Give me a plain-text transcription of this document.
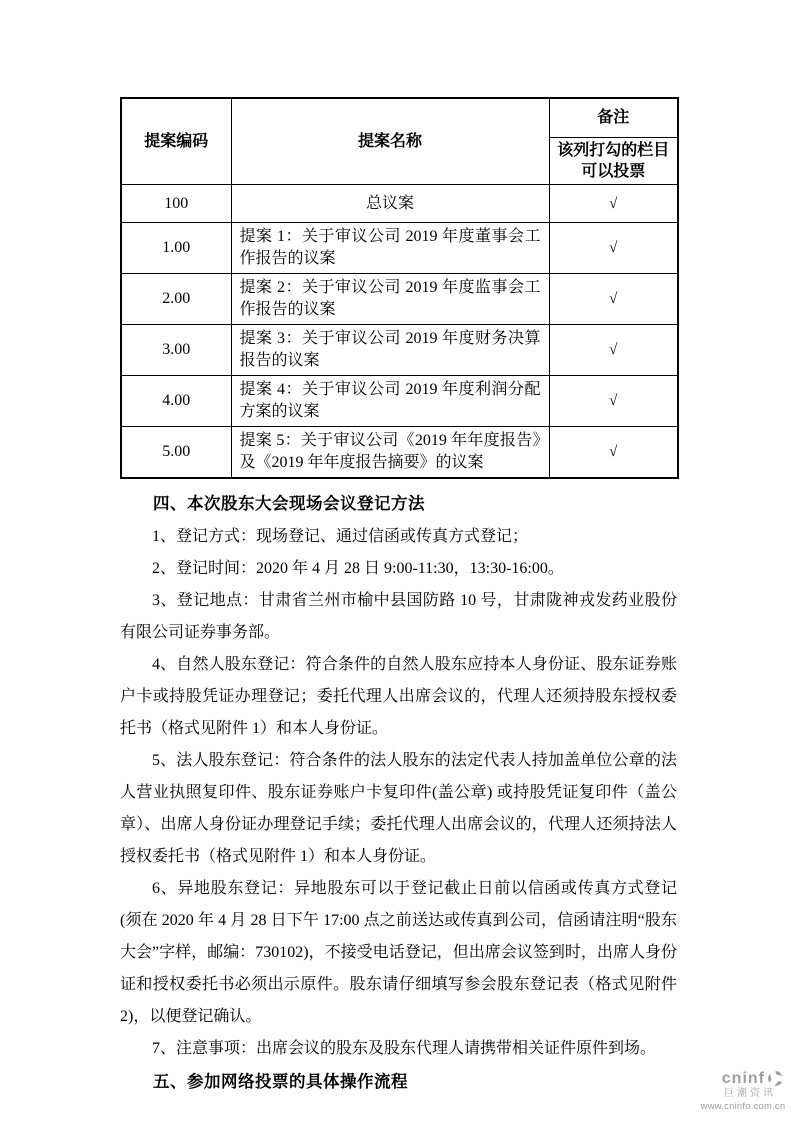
提案编码	提案名称	备注
		该列打勾的栏目可以投票
100	总议案	√
1.00	提案 1：关于审议公司 2019 年度董事会工作报告的议案	√
2.00	提案 2：关于审议公司 2019 年度监事会工作报告的议案	√
3.00	提案 3：关于审议公司 2019 年度财务决算报告的议案	√
4.00	提案 4：关于审议公司 2019 年度利润分配方案的议案	√
5.00	提案 5：关于审议公司《2019 年年度报告》及《2019 年年度报告摘要》的议案	√
四、本次股东大会现场会议登记方法

1、登记方式：现场登记、通过信函或传真方式登记；

2、登记时间：2020 年 4 月 28 日 9:00-11:30，13:30-16:00。

3、登记地点：甘肃省兰州市榆中县国防路 10 号，甘肃陇神戎发药业股份有限公司证券事务部。

4、自然人股东登记：符合条件的自然人股东应持本人身份证、股东证券账户卡或持股凭证办理登记；委托代理人出席会议的，代理人还须持股东授权委托书（格式见附件 1）和本人身份证。

5、法人股东登记：符合条件的法人股东的法定代表人持加盖单位公章的法人营业执照复印件、股东证券账户卡复印件(盖公章) 或持股凭证复印件（盖公章）、出席人身份证办理登记手续；委托代理人出席会议的，代理人还须持法人授权委托书（格式见附件 1）和本人身份证。

6、异地股东登记：异地股东可以于登记截止日前以信函或传真方式登记(须在 2020 年 4 月 28 日下午 17:00 点之前送达或传真到公司，信函请注明“股东大会”字样，邮编：730102)，不接受电话登记，但出席会议签到时，出席人身份证和授权委托书必须出示原件。股东请仔细填写参会股东登记表（格式见附件 2)，以便登记确认。

7、注意事项：出席会议的股东及股东代理人请携带相关证件原件到场。

五、参加网络投票的具体操作流程	cninf
巨潮资讯
www.cninfo.com.cn
